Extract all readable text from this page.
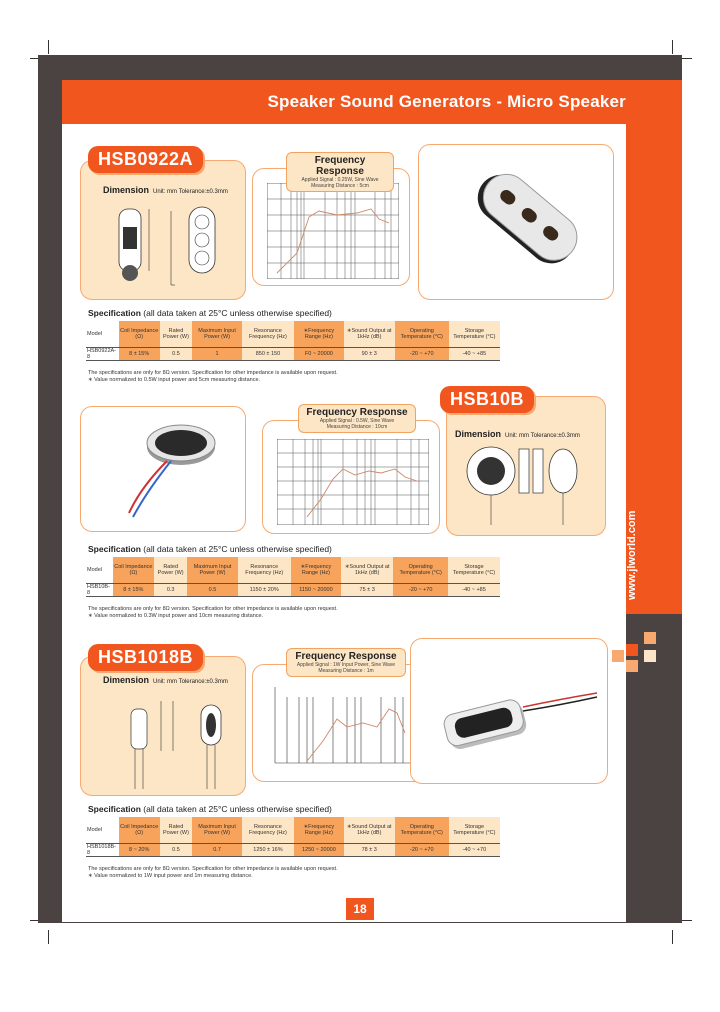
Speaker Sound Generators - Micro Speaker
www.jlworld.com
Dimension Unit: mm Tolerance:±0.3mm
HSB0922A	Frequency Response
Applied Signal : 0.25W, Sine Wave
Measuring Distance : 5cm
Specification (all data taken at 25°C unless otherwise specified)
Model	Coil Impedance (Ω)	Rated Power (W)	Maximum Input Power (W)	Resonance Frequency (Hz)	∗Frequency Range (Hz)	∗Sound Output at 1kHz (dB)	Operating Temperature (°C)	Storage Temperature (°C)
HSB0922A-8	8 ± 15%	0.5	1	850 ± 150	F0 ~ 20000	90 ± 3	-20 ~ +70	-40 ~ +85
The specifications are only for 8Ω version. Specification for other impedance is available upon request.
∗ Value normalized to 0.5W input power and 5cm measuring distance.
Frequency Response
Applied Signal : 0.5W, Sine Wave
Measuring Distance : 10cm
Dimension Unit: mm Tolerance:±0.3mm
HSB10B
Specification (all data taken at 25°C unless otherwise specified)
Model	Coil Impedance (Ω)	Rated Power (W)	Maximum Input Power (W)	Resonance Frequency (Hz)	∗Frequency Range (Hz)	∗Sound Output at 1kHz (dB)	Operating Temperature (°C)	Storage Temperature (°C)
HSB10B-8	8 ± 15%	0.3	0.5	1150 ± 20%	1150 ~ 20000	75 ± 3	-20 ~ +70	-40 ~ +85
The specifications are only for 8Ω version. Specification for other impedance is available upon request.
∗ Value normalized to 0.3W input power and 10cm measuring distance.
Dimension Unit: mm Tolerance:±0.3mm
HSB1018B	Frequency Response
Applied Signal : 1W Input Power, Sine Wave
Measuring Distance : 1m
Specification (all data taken at 25°C unless otherwise specified)
Model	Coil Impedance (Ω)	Rated Power (W)	Maximum Input Power (W)	Resonance Frequency (Hz)	∗Frequency Range (Hz)	∗Sound Output at 1kHz (dB)	Operating Temperature (°C)	Storage Temperature (°C)
HSB1018B-8	8 ~ 20%	0.5	0.7	1250 ± 16%	1250 ~ 20000	78 ± 3	-20 ~ +70	-40 ~ +70
The specifications are only for 8Ω version. Specification for other impedance is available upon request.
∗ Value normalized to 1W input power and 1m measuring distance.
18
